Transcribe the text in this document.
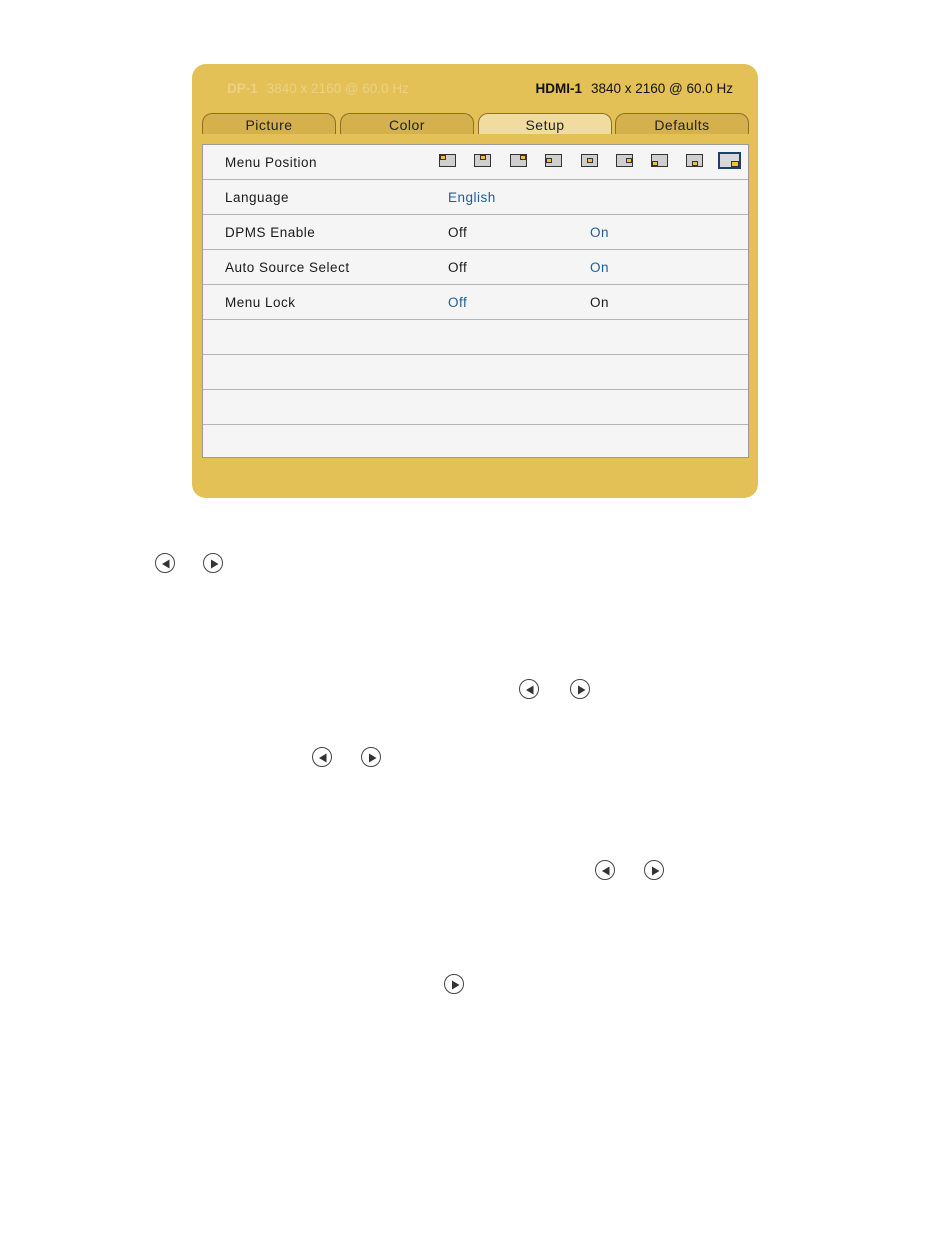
DP-1 3840 x 2160 @ 60.0 Hz	HDMI-1 3840 x 2160 @ 60.0 Hz
Picture	Color	Setup	Defaults
Menu Position
Language	English
DPMS Enable	Off	On
Auto Source Select	Off	On
Menu Lock	Off	On
